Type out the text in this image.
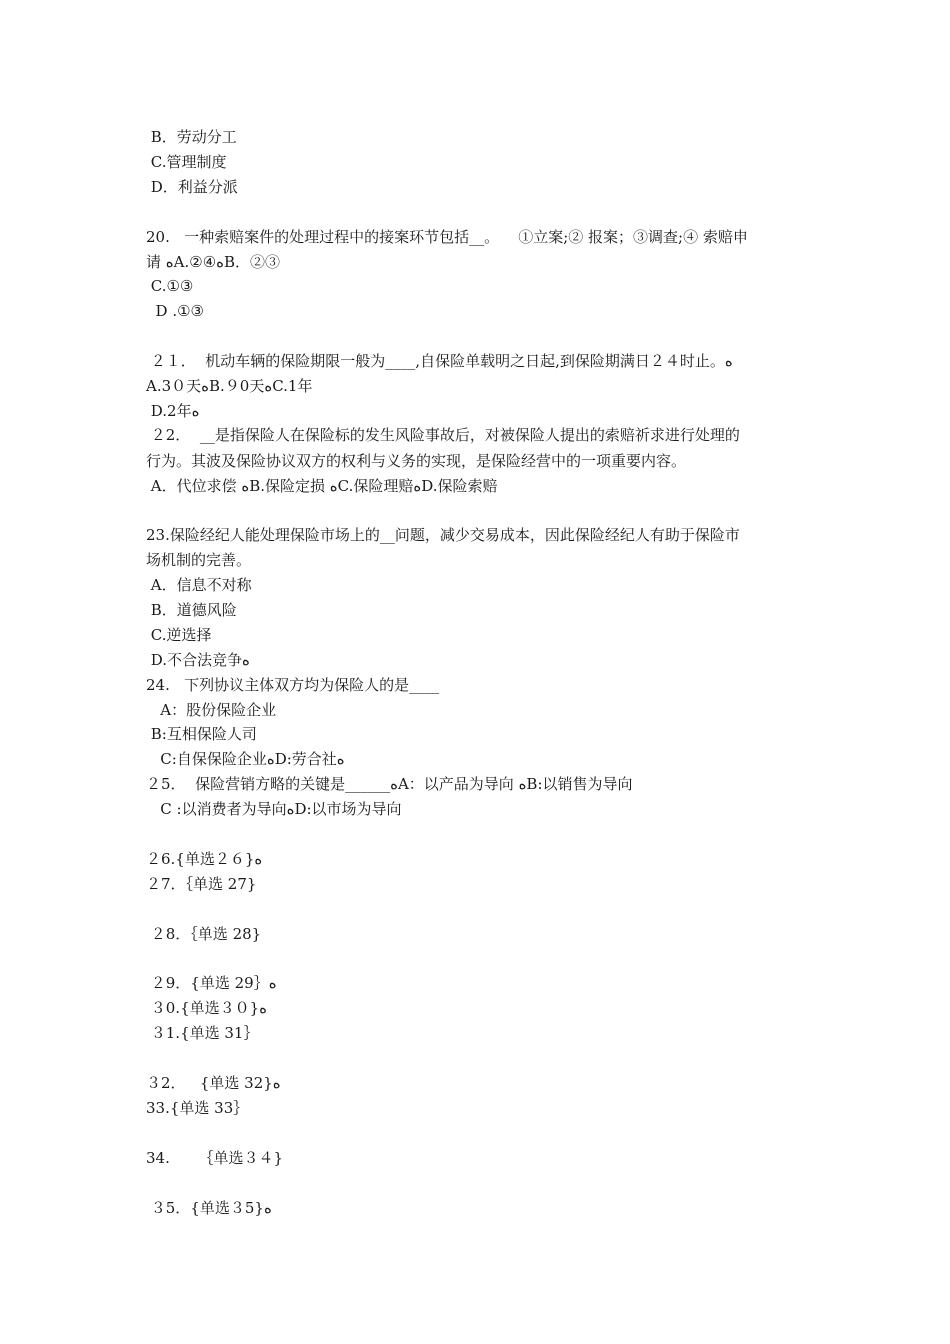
B．劳动分工
C.管理制度
D．利益分派
20.   一种索赔案件的处理过程中的接案环节包括__。    ①立案;② 报案；③调查;④ 索赔申
请 ﻩA.②④ﻩB．②③
C.①③
D .①③
２１．  机动车辆的保险期限一般为____,自保险单载明之日起,到保险期满日２４时止。ﻩ
A.3０天ﻩB.９0天ﻩC.1年
D.2年ﻩ
２2．  __是指保险人在保险标的发生风险事故后，对被保险人提出的索赔祈求进行处理的
行为。其波及保险协议双方的权利与义务的实现，是保险经营中的一项重要内容。
A．代位求偿 ﻩB.保险定损 ﻩC.保险理赔ﻩD.保险索赔
23.保险经纪人能处理保险市场上的__问题，减少交易成本，因此保险经纪人有助于保险市
场机制的完善。
A．信息不对称
B．道德风险
C.逆选择
D.不合法竞争ﻩ
24.   下列协议主体双方均为保险人的是____
A：股份保险企业
B:互相保险人司
C:自保保险企业ﻩD:劳合社ﻩ
２5．  保险营销方略的关键是______ﻩA：以产品为导向 ﻩB:以销售为导向
C :以消费者为导向ﻩD:以市场为导向
２6.{单选２６}ﻩ
２7．｛单选 27}
２8．｛单选 28}
２9．{单选 29｝ﻩ
３0.{单选３０}ﻩ
３1.{单选 31｝
３2．   {单选 32}ﻩ
33.{单选 33｝
34.      ｛单选３４}
３5．{单选３5}ﻩ
